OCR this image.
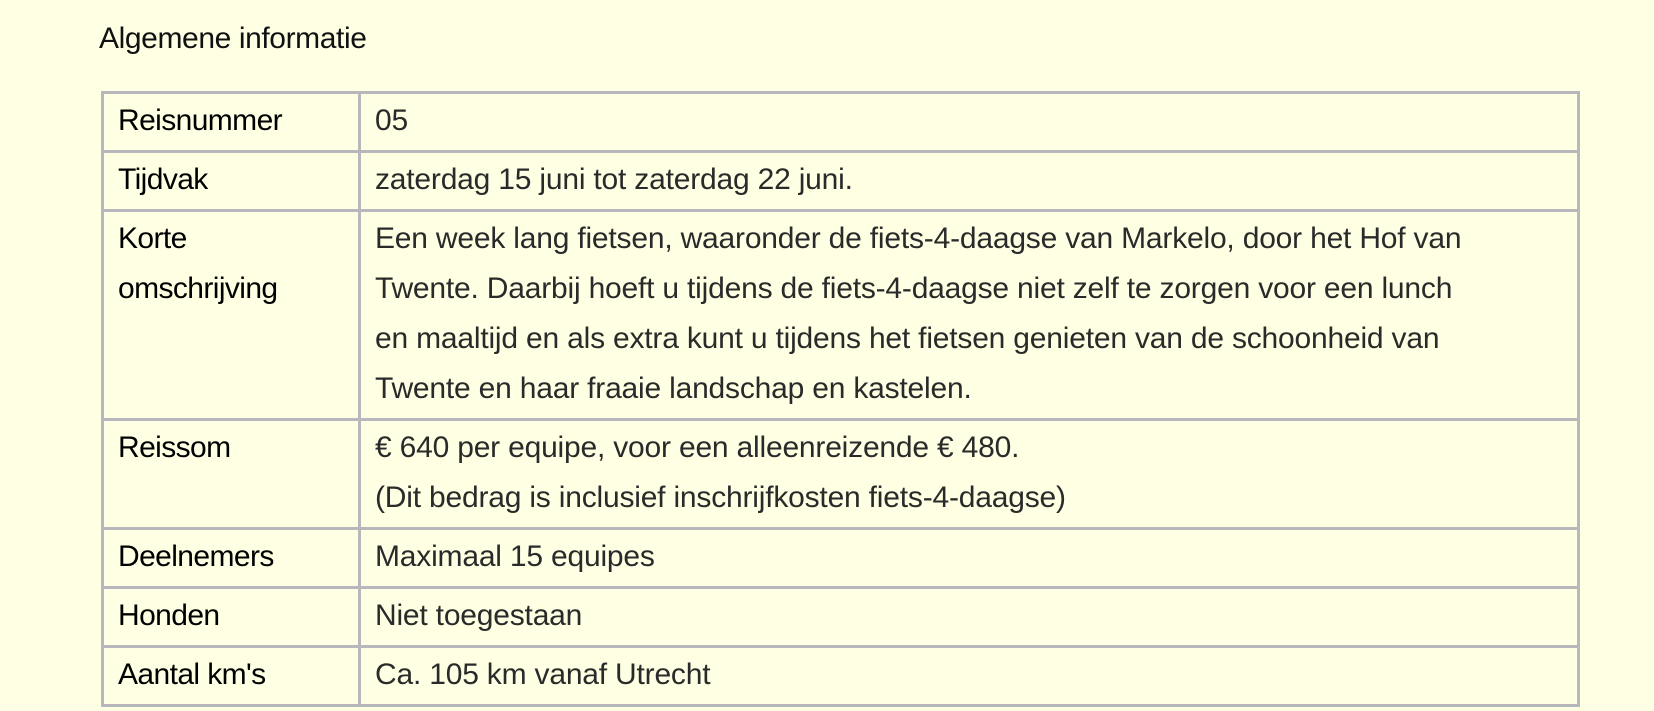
Algemene informatie
Reisnummer	05

Tijdvak	zaterdag 15 juni tot zaterdag 22 juni.

Korte
omschrijving	Een week lang fietsen, waaronder de fiets-4-daagse van Markelo, door het Hof van
Twente. Daarbij hoeft u tijdens de fiets-4-daagse niet zelf te zorgen voor een lunch
en maaltijd en als extra kunt u tijdens het fietsen genieten van de schoonheid van
Twente en haar fraaie landschap en kastelen.

Reissom	€ 640 per equipe, voor een alleenreizende € 480.
(Dit bedrag is inclusief inschrijfkosten fiets-4-daagse)

Deelnemers	Maximaal 15 equipes

Honden	Niet toegestaan

Aantal km's	Ca. 105 km vanaf Utrecht
